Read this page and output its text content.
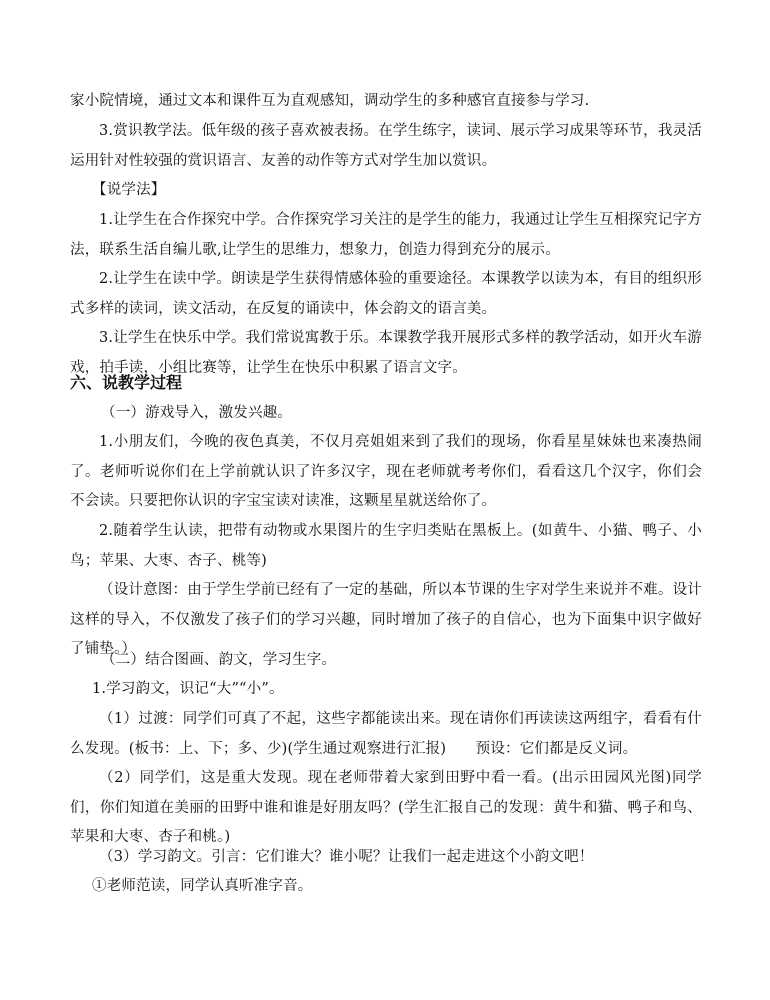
家小院情境，通过文本和课件互为直观感知，调动学生的多种感官直接参与学习.

3.赏识教学法。低年级的孩子喜欢被表扬。在学生练字，读词、展示学习成果等环节，我灵活运用针对性较强的赏识语言、友善的动作等方式对学生加以赏识。

【说学法】

1.让学生在合作探究中学。合作探究学习关注的是学生的能力，我通过让学生互相探究记字方法，联系生活自编儿歌,让学生的思维力，想象力，创造力得到充分的展示。

2.让学生在读中学。朗读是学生获得情感体验的重要途径。本课教学以读为本，有目的组织形式多样的读词，读文活动，在反复的诵读中，体会韵文的语言美。

3.让学生在快乐中学。我们常说寓教于乐。本课教学我开展形式多样的教学活动，如开火车游戏，拍手读，小组比赛等，让学生在快乐中积累了语言文字。

六、说教学过程

（一）游戏导入，激发兴趣。

1.小朋友们，今晚的夜色真美，不仅月亮姐姐来到了我们的现场，你看星星妹妹也来凑热闹了。老师听说你们在上学前就认识了许多汉字，现在老师就考考你们，看看这几个汉字，你们会不会读。只要把你认识的字宝宝读对读准，这颗星星就送给你了。

2.随着学生认读，把带有动物或水果图片的生字归类贴在黑板上。(如黄牛、小猫、鸭子、小鸟；苹果、大枣、杏子、桃等)

（设计意图：由于学生学前已经有了一定的基础，所以本节课的生字对学生来说并不难。设计这样的导入，不仅激发了孩子们的学习兴趣，同时增加了孩子的自信心，也为下面集中识字做好了铺垫。）

（二）结合图画、韵文，学习生字。

1.学习韵文，识记“大”“小”。

（1）过渡：同学们可真了不起，这些字都能读出来。现在请你们再读读这两组字，看看有什么发现。(板书：上、下；多、少)(学生通过观察进行汇报)　　预设：它们都是反义词。

（2）同学们，这是重大发现。现在老师带着大家到田野中看一看。(出示田园风光图)同学们，你们知道在美丽的田野中谁和谁是好朋友吗？(学生汇报自己的发现：黄牛和猫、鸭子和鸟、苹果和大枣、杏子和桃。)

（3）学习韵文。引言：它们谁大？谁小呢？让我们一起走进这个小韵文吧！

①老师范读，同学认真听准字音。
